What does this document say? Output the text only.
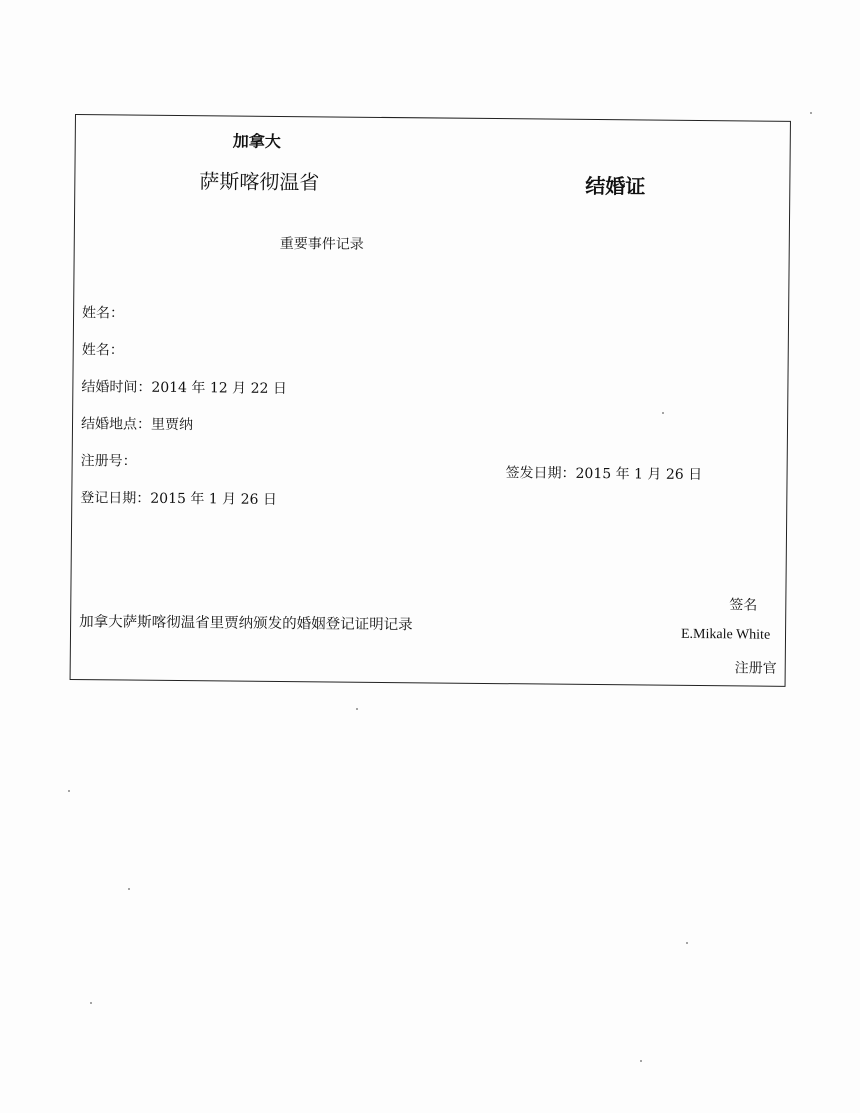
加拿大
萨斯喀彻温省	结婚证
重要事件记录
姓名：
姓名：
结婚时间：2014 年 12 月 22 日
结婚地点：里贾纳
注册号：
登记日期：2015 年 1 月 26 日
签发日期：2015 年 1 月 26 日
签名
加拿大萨斯喀彻温省里贾纳颁发的婚姻登记证明记录
E.Mikale White
注册官
